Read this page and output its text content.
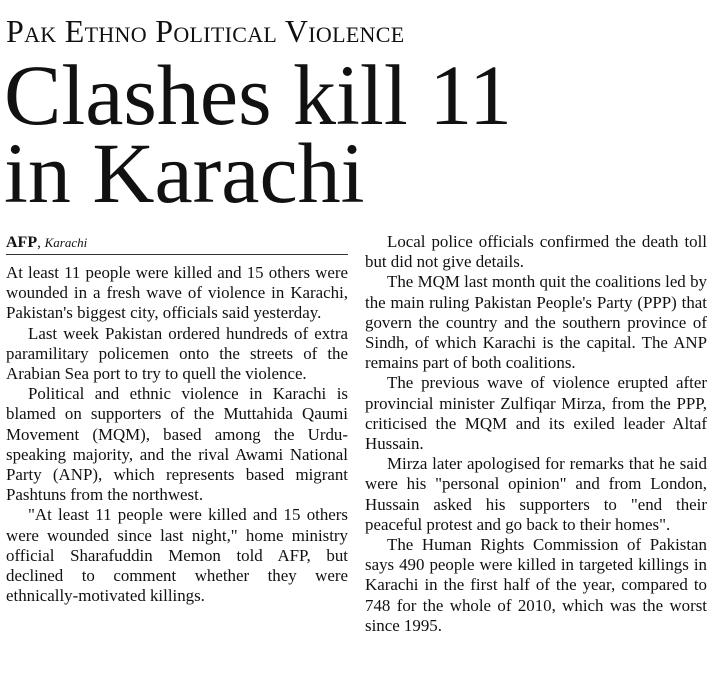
Pak Ethno Political Violence
Clashes kill 11
in Karachi
AFP, Karachi

At least 11 people were killed and 15 others were wounded in a fresh wave of violence in Karachi, Pakistan's biggest city, officials said yesterday.

Last week Pakistan ordered hundreds of extra paramilitary policemen onto the streets of the Arabian Sea port to try to quell the violence.

Political and ethnic violence in Karachi is blamed on supporters of the Muttahida Qaumi Movement (MQM), based among the Urdu-speaking majority, and the rival Awami National Party (ANP), which represents based migrant Pashtuns from the northwest.

"At least 11 people were killed and 15 others were wounded since last night," home ministry official Sharafuddin Memon told AFP, but declined to comment whether they were ethnically-motivated killings.

Local police officials confirmed the death toll but did not give details.

The MQM last month quit the coalitions led by the main ruling Pakistan People's Party (PPP) that govern the country and the southern province of Sindh, of which Karachi is the capital. The ANP remains part of both coalitions.

The previous wave of violence erupted after provincial minister Zulfiqar Mirza, from the PPP, criticised the MQM and its exiled leader Altaf Hussain.

Mirza later apologised for remarks that he said were his "personal opinion" and from London, Hussain asked his supporters to "end their peaceful protest and go back to their homes".

The Human Rights Commission of Pakistan says 490 people were killed in targeted killings in Karachi in the first half of the year, compared to 748 for the whole of 2010, which was the worst since 1995.
